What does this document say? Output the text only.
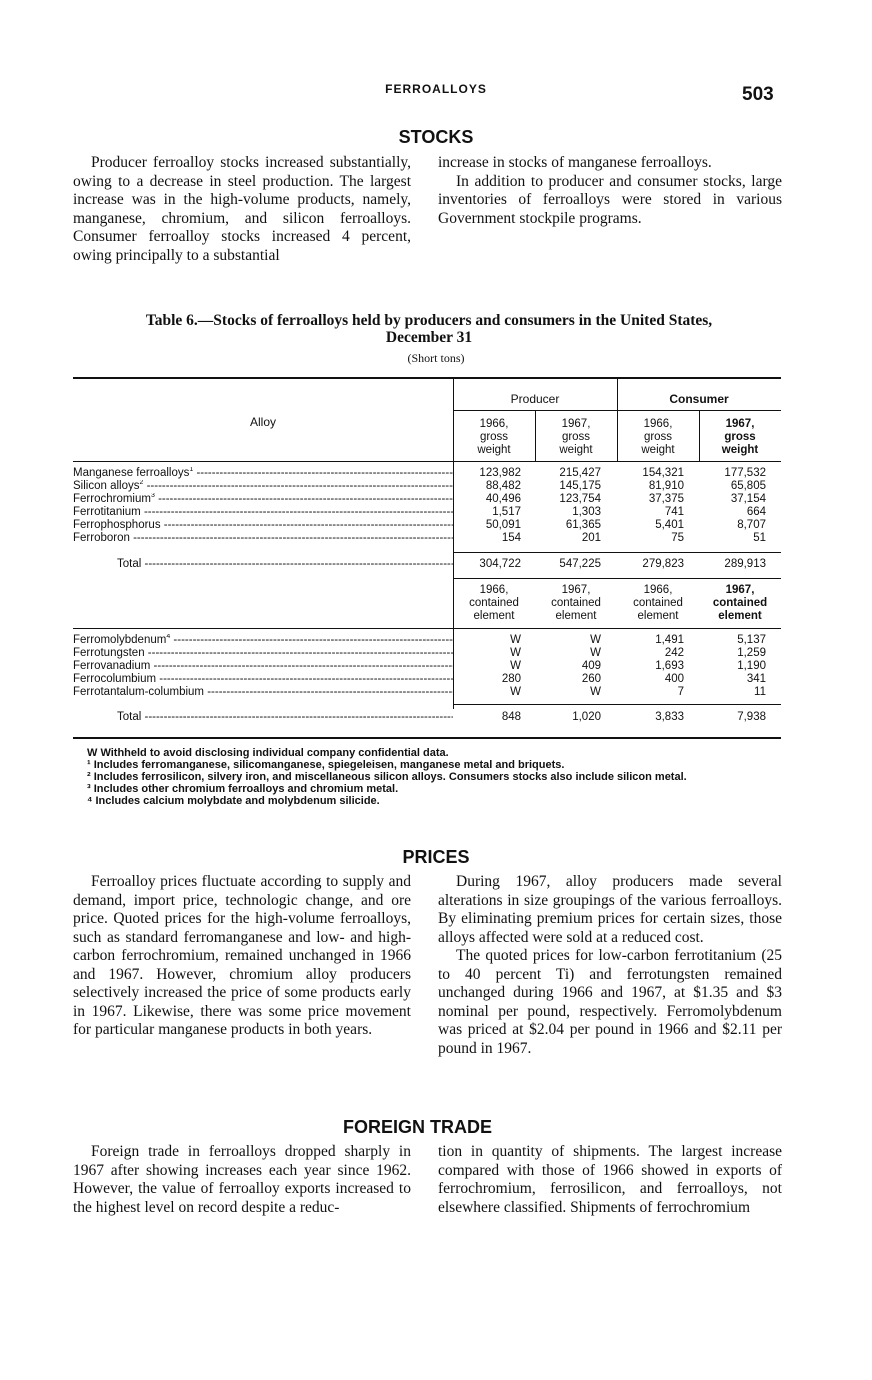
FERROALLOYS	503
STOCKS

Producer ferroalloy stocks increased substantially, owing to a decrease in steel production. The largest increase was in the high-volume products, namely, manganese, chromium, and silicon ferroalloys. Consumer ferroalloy stocks increased 4 percent, owing principally to a substantial

increase in stocks of manganese ferroalloys.

In addition to producer and consumer stocks, large inventories of ferroalloys were stored in various Government stockpile programs.

Table 6.—Stocks of ferroalloys held by producers and consumers in the United States,
December 31
(Short tons)
Alloy
Producer	Consumer
1966,
gross
weight
1967,
gross
weight
1966,
gross
weight
1967,
gross
weight
Manganese ferroalloys$^1$ -----	123,982	215,427	154,321	177,532
Silicon alloys$^2$ -----	88,482	145,175	81,910	65,805
Ferrochromium$^3$ -----	40,496	123,754	37,375	37,154
Ferrotitanium -----	1,517	1,303	741	664
Ferrophosphorus -----	50,091	61,365	5,401	8,707
Ferroboron -----	154	201	75	51
Total -----	304,722	547,225	279,823	289,913
1966,
contained
element
1967,
contained
element
1966,
contained
element
1967,
contained
element
Ferromolybdenum$^4$ -----	W	W	1,491	5,137
Ferrotungsten -----	W	W	242	1,259
Ferrovanadium -----	W	409	1,693	1,190
Ferrocolumbium -----	280	260	400	341
Ferrotantalum-columbium -----	W	W	7	11
Total -----	848	1,020	3,833	7,938
W Withheld to avoid disclosing individual company confidential data.
¹ Includes ferromanganese, silicomanganese, spiegeleisen, manganese metal and briquets.
² Includes ferrosilicon, silvery iron, and miscellaneous silicon alloys. Consumers stocks also include silicon metal.
³ Includes other chromium ferroalloys and chromium metal.
⁴ Includes calcium molybdate and molybdenum silicide.
PRICES

Ferroalloy prices fluctuate according to supply and demand, import price, technologic change, and ore price. Quoted prices for the high-volume ferroalloys, such as standard ferromanganese and low- and high-carbon ferrochromium, remained unchanged in 1966 and 1967. However, chromium alloy producers selectively increased the price of some products early in 1967. Likewise, there was some price movement for particular manganese products in both years.

During 1967, alloy producers made several alterations in size groupings of the various ferroalloys. By eliminating premium prices for certain sizes, those alloys affected were sold at a reduced cost.

The quoted prices for low-carbon ferrotitanium (25 to 40 percent Ti) and ferrotungsten remained unchanged during 1966 and 1967, at $1.35 and $3 nominal per pound, respectively. Ferromolybdenum was priced at $2.04 per pound in 1966 and $2.11 per pound in 1967.

FOREIGN TRADE

Foreign trade in ferroalloys dropped sharply in 1967 after showing increases each year since 1962. However, the value of ferroalloy exports increased to the highest level on record despite a reduc-

tion in quantity of shipments. The largest increase compared with those of 1966 showed in exports of ferrochromium, ferrosilicon, and ferroalloys, not elsewhere classified. Shipments of ferrochromium
